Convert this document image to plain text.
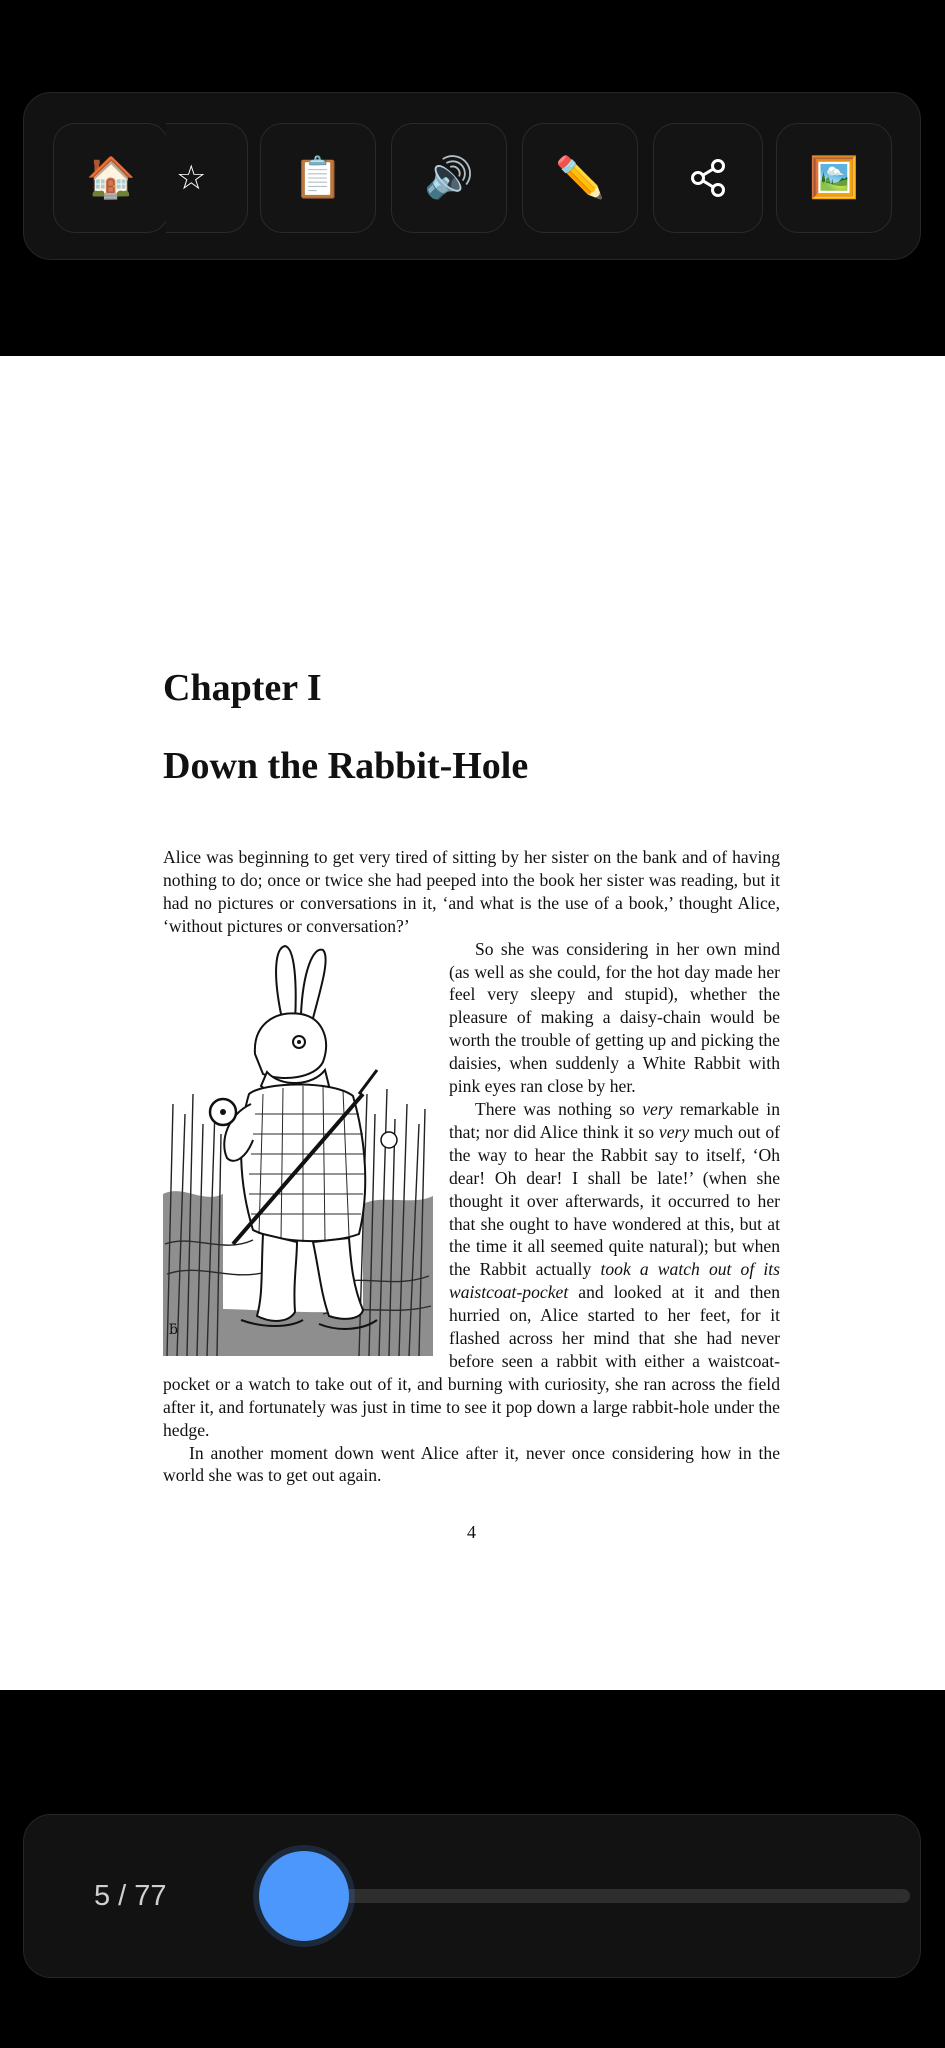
🏠 ☆ 📋 🔊 ✏️	🖼️
Chapter I
Down the Rabbit-Hole

Alice was beginning to get very tired of sitting by her sister on the bank and of having nothing to do; once or twice she had peeped into the book her sister was reading, but it had no pictures or conversations in it, ‘and what is the use of a book,’ thought Alice, ‘without pictures or conversation?’

ƃ

So she was considering in her own mind (as well as she could, for the hot day made her feel very sleepy and stupid), whether the pleasure of making a daisy-chain would be worth the trouble of getting up and picking the daisies, when suddenly a White Rabbit with pink eyes ran close by her.

There was nothing so very remarkable in that; nor did Alice think it so very much out of the way to hear the Rabbit say to itself, ‘Oh dear! Oh dear! I shall be late!’ (when she thought it over afterwards, it occurred to her that she ought to have wondered at this, but at the time it all seemed quite natural); but when the Rabbit actually took a watch out of its waistcoat-pocket and looked at it and then hurried on, Alice started to her feet, for it flashed across her mind that she had never before seen a rabbit with either a waistcoat-pocket or a watch to take out of it, and burning with curiosity, she ran across the field after it, and fortunately was just in time to see it pop down a large rabbit-hole under the hedge.

In another moment down went Alice after it, never once considering how in the world she was to get out again.

4
5 / 77
